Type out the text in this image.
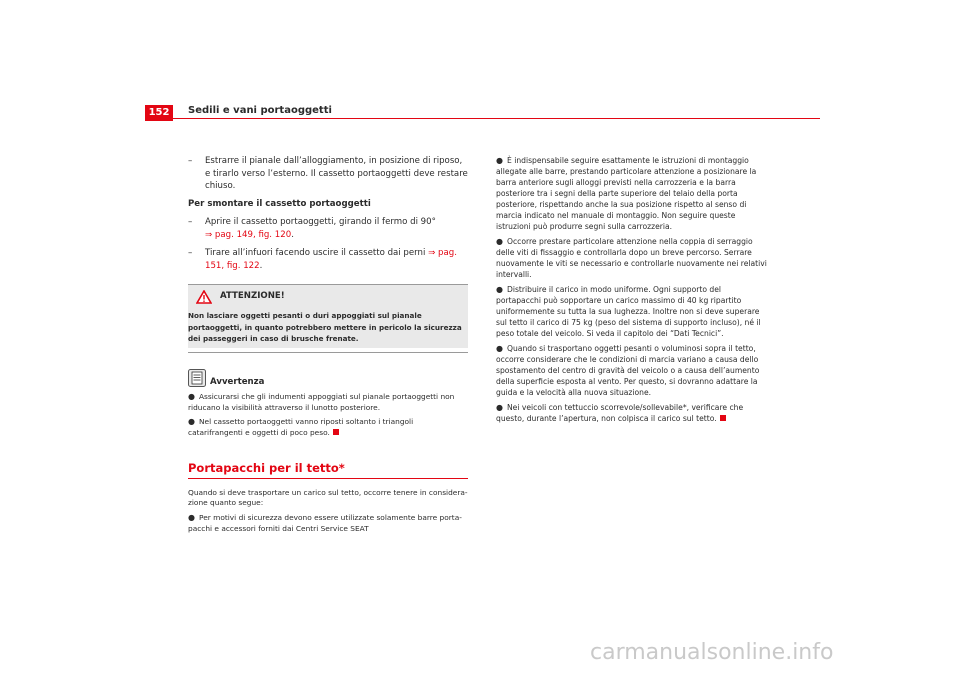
152	Sedili e vani portaoggetti
–	Estrarre il pianale dall’alloggiamento, in posizione di riposo, e tirarlo verso l’esterno. Il cassetto portaoggetti deve restare chiuso.
Per smontare il cassetto portaoggetti
–	Aprire il cassetto portaoggetti, girando il fermo di 90°
⇒ pag. 149, fig. 120.
–	Tirare all’infuori facendo uscire il cassetto dai perni ⇒ pag. 151, fig. 122.
ATTENZIONE!
Non lasciare oggetti pesanti o duri appoggiati sul pianale portaoggetti, in quanto potrebbero mettere in pericolo la sicurezza dei passeggeri in caso di brusche frenate.
Avvertenza
● Assicurarsi che gli indumenti appoggiati sul pianale portaoggetti non riducano la visibilità attraverso il lunotto posteriore.
● Nel cassetto portaoggetti vanno riposti soltanto i triangoli catarifrangenti e oggetti di poco peso.
Portapacchi per il tetto*
Quando si deve trasportare un carico sul tetto, occorre tenere in considera-zione quanto segue:
● Per motivi di sicurezza devono essere utilizzate solamente barre porta-pacchi e accessori forniti dai Centri Service SEAT
● È indispensabile seguire esattamente le istruzioni di montaggio allegate alle barre, prestando particolare attenzione a posizionare la barra anteriore sugli alloggi previsti nella carrozzeria e la barra posteriore tra i segni della parte superiore del telaio della porta posteriore, rispettando anche la sua posizione rispetto al senso di marcia indicato nel manuale di montaggio. Non seguire queste istruzioni può produrre segni sulla carrozzeria.
● Occorre prestare particolare attenzione nella coppia di serraggio delle viti di fissaggio e controllarla dopo un breve percorso. Serrare nuovamente le viti se necessario e controllarle nuovamente nei relativi intervalli.
● Distribuire il carico in modo uniforme. Ogni supporto del portapacchi può sopportare un carico massimo di 40 kg ripartito uniformemente su tutta la sua lughezza. Inoltre non si deve superare sul tetto il carico di 75 kg (peso del sistema di supporto incluso), né il peso totale del veicolo. Si veda il capitolo dei “Dati Tecnici”.
● Quando si trasportano oggetti pesanti o voluminosi sopra il tetto, occorre considerare che le condizioni di marcia variano a causa dello spostamento del centro di gravità del veicolo o a causa dell’aumento della superficie esposta al vento. Per questo, si dovranno adattare la guida e la velocità alla nuova situazione.
● Nei veicoli con tettuccio scorrevole/sollevabile*, verificare che questo, durante l’apertura, non colpisca il carico sul tetto.
carmanualsonline.info
